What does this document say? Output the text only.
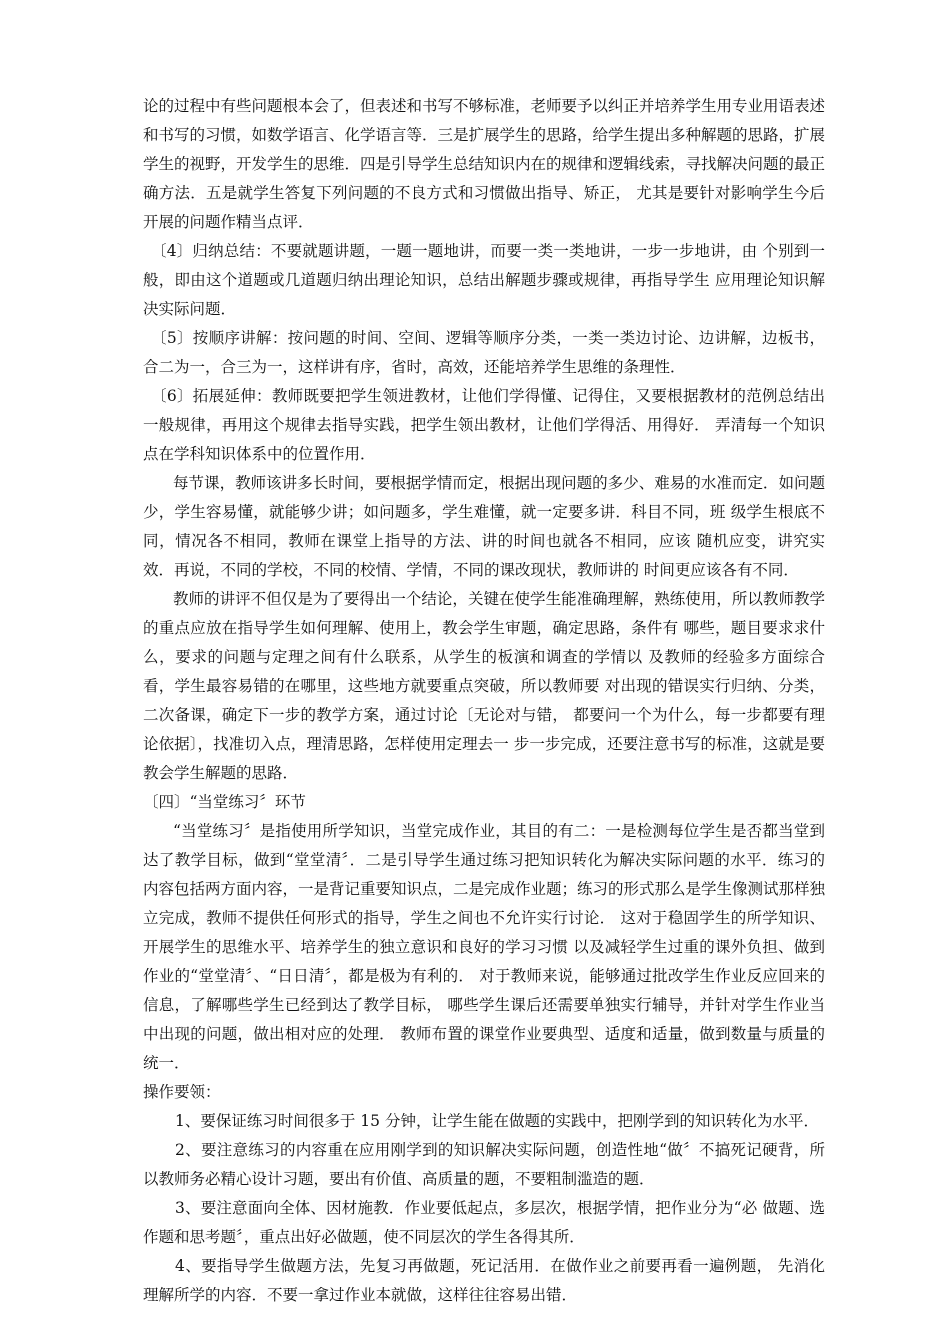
论的过程中有些问题根本会了，但表述和书写不够标准，老师要予以纠正并培养学生用专业用语表述和书写的习惯，如数学语言、化学语言等．三是扩展学生的思路，给学生提出多种解题的思路，扩展学生的视野，开发学生的思维．四是引导学生总结知识内在的规律和逻辑线索，寻找解决问题的最正确方法．五是就学生答复下列问题的不良方式和习惯做出指导、矫正， 尤其是要针对影响学生今后开展的问题作精当点评．

〔4〕归纳总结：不要就题讲题，一题一题地讲，而要一类一类地讲，一步一步地讲，由 个别到一般，即由这个道题或几道题归纳出理论知识，总结出解题步骤或规律，再指导学生 应用理论知识解决实际问题．

〔5〕按顺序讲解：按问题的时间、空间、逻辑等顺序分类，一类一类边讨论、边讲解，边板书，合二为一，合三为一，这样讲有序，省时，高效，还能培养学生思维的条理性．

〔6〕拓展延伸：教师既要把学生领进教材，让他们学得懂、记得住，又要根据教材的范例总结出一般规律，再用这个规律去指导实践，把学生领出教材，让他们学得活、用得好． 弄清每一个知识点在学科知识体系中的位置作用．

每节课，教师该讲多长时间，要根据学情而定，根据出现问题的多少、难易的水准而定．如问题少，学生容易懂，就能够少讲；如问题多，学生难懂，就一定要多讲．科目不同，班 级学生根底不同，情况各不相同，教师在课堂上指导的方法、讲的时间也就各不相同，应该 随机应变，讲究实效．再说，不同的学校，不同的校情、学情，不同的课改现状，教师讲的 时间更应该各有不同．

教师的讲评不但仅是为了要得出一个结论，关键在使学生能准确理解，熟练使用，所以教师教学的重点应放在指导学生如何理解、使用上，教会学生审题，确定思路，条件有 哪些，题目要求求什么，要求的问题与定理之间有什么联系，从学生的板演和调查的学情以 及教师的经验多方面综合看，学生最容易错的在哪里，这些地方就要重点突破，所以教师要 对出现的错误实行归纳、分类，二次备课，确定下一步的教学方案，通过讨论〔无论对与错， 都要问一个为什么，每一步都要有理论依据〕，找准切入点，理清思路，怎样使用定理去一 步一步完成，还要注意书写的标准，这就是要教会学生解题的思路．

〔四〕“当堂练习〞环节

“当堂练习〞是指使用所学知识，当堂完成作业，其目的有二：一是检测每位学生是否都当堂到达了教学目标，做到“堂堂清〞．二是引导学生通过练习把知识转化为解决实际问题的水平．练习的内容包括两方面内容，一是背记重要知识点，二是完成作业题；练习的形式那么是学生像测试那样独立完成，教师不提供任何形式的指导，学生之间也不允许实行讨论． 这对于稳固学生的所学知识、开展学生的思维水平、培养学生的独立意识和良好的学习习惯 以及减轻学生过重的课外负担、做到作业的“堂堂清〞、“日日清〞，都是极为有利的． 对于教师来说，能够通过批改学生作业反应回来的信息，了解哪些学生已经到达了教学目标， 哪些学生课后还需要单独实行辅导，并针对学生作业当中出现的问题，做出相对应的处理． 教师布置的课堂作业要典型、适度和适量，做到数量与质量的统一．

操作要领：

1、要保证练习时间很多于 15 分钟，让学生能在做题的实践中，把刚学到的知识转化为水平．

2、要注意练习的内容重在应用刚学到的知识解决实际问题，创造性地“做〞不搞死记硬背，所以教师务必精心设计习题，要出有价值、高质量的题，不要粗制滥造的题．

3、要注意面向全体、因材施教．作业要低起点，多层次，根据学情，把作业分为“必 做题、选作题和思考题〞，重点出好必做题，使不同层次的学生各得其所．

4、要指导学生做题方法，先复习再做题，死记活用．在做作业之前要再看一遍例题， 先消化理解所学的内容．不要一拿过作业本就做，这样往往容易出错．
